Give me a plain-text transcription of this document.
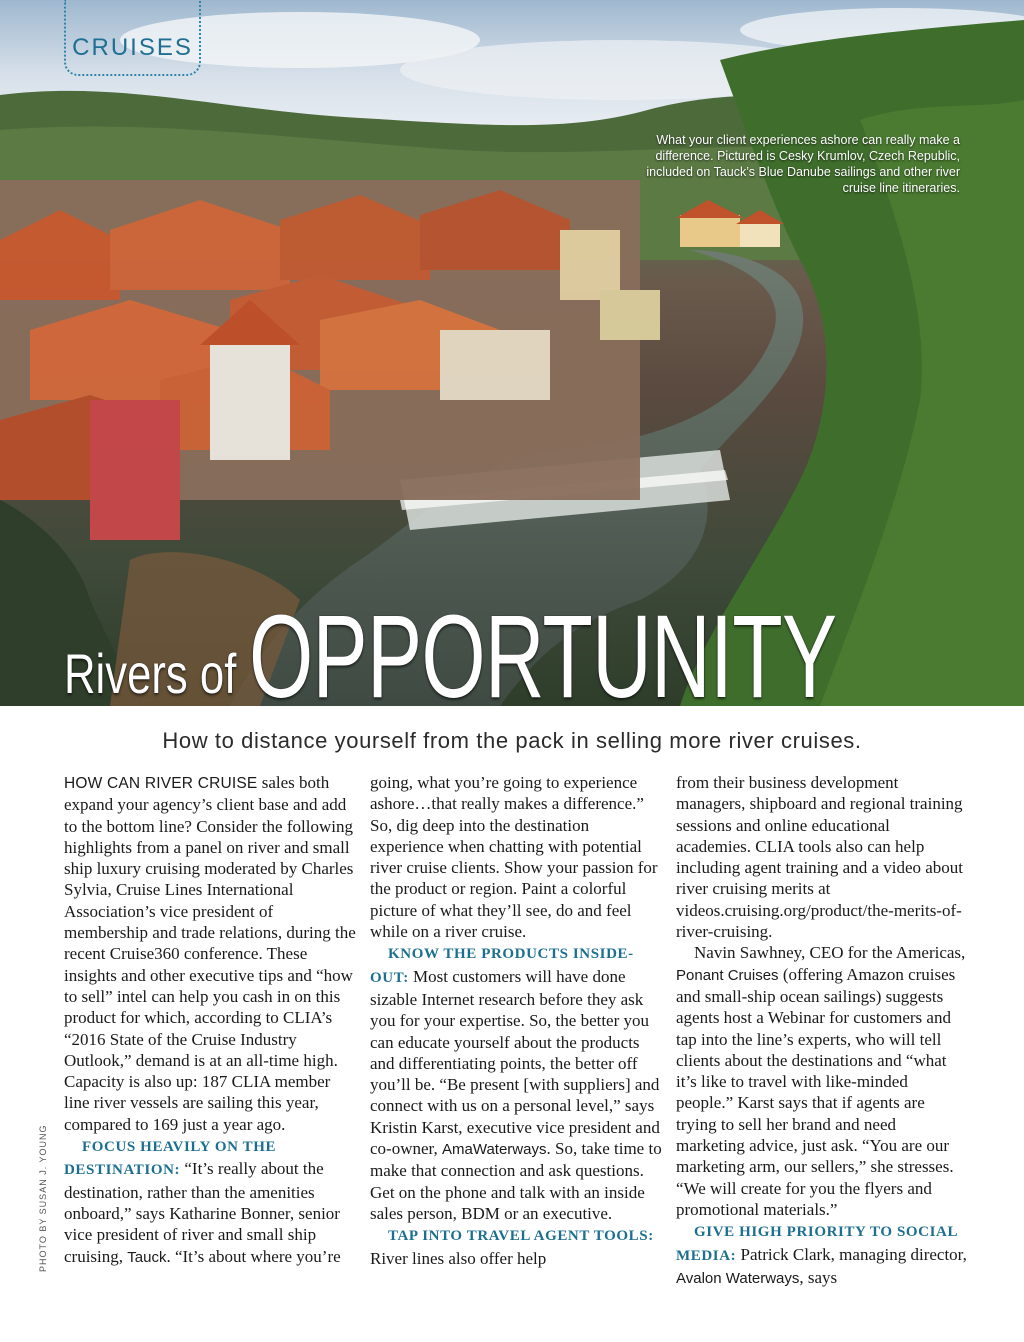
CRUISES
What your client experiences ashore can really make a difference. Pictured is Cesky Krumlov, Czech Republic, included on Tauck’s Blue Danube sailings and other river cruise line itineraries.
Rivers of OPPORTUNITY
How to distance yourself from the pack in selling more river cruises.
PHOTO BY SUSAN J. YOUNG

HOW CAN RIVER CRUISE sales both expand your agency’s client base and add to the bottom line? Consider the following highlights from a panel on river and small ship luxury cruising moderated by Charles Sylvia, Cruise Lines International Association’s vice president of membership and trade relations, during the recent Cruise360 conference. These insights and other executive tips and “how to sell” intel can help you cash in on this product for which, according to CLIA’s “2016 State of the Cruise Industry Outlook,” demand is at an all-time high. Capacity is also up: 187 CLIA member line river vessels are sailing this year, compared to 169 just a year ago.

FOCUS HEAVILY ON THE DESTINATION: “It’s really about the destination, rather than the amenities onboard,” says Katharine Bonner, senior vice president of river and small ship cruising, Tauck. “It’s about where you’re

going, what you’re going to experience ashore…that really makes a difference.” So, dig deep into the destination experience when chatting with potential river cruise clients. Show your passion for the product or region. Paint a colorful picture of what they’ll see, do and feel while on a river cruise.

KNOW THE PRODUCTS INSIDE-OUT: Most customers will have done sizable Internet research before they ask you for your expertise. So, the better you can educate yourself about the products and differentiating points, the better off you’ll be. “Be present [with suppliers] and connect with us on a personal level,” says Kristin Karst, executive vice president and co-owner, AmaWaterways. So, take time to make that connection and ask questions. Get on the phone and talk with an inside sales person, BDM or an executive.

TAP INTO TRAVEL AGENT TOOLS: River lines also offer help

from their business development managers, shipboard and regional training sessions and online educational academies. CLIA tools also can help including agent training and a video about river cruising merits at videos.cruising.org/product/the-merits-of-river-cruising.

Navin Sawhney, CEO for the Americas, Ponant Cruises (offering Amazon cruises and small-ship ocean sailings) suggests agents host a Webinar for customers and tap into the line’s experts, who will tell clients about the destinations and “what it’s like to travel with like-minded people.” Karst says that if agents are trying to sell her brand and need marketing advice, just ask. “You are our marketing arm, our sellers,” she stresses. “We will create for you the flyers and promotional materials.”

GIVE HIGH PRIORITY TO SOCIAL MEDIA: Patrick Clark, managing director, Avalon Waterways, says
